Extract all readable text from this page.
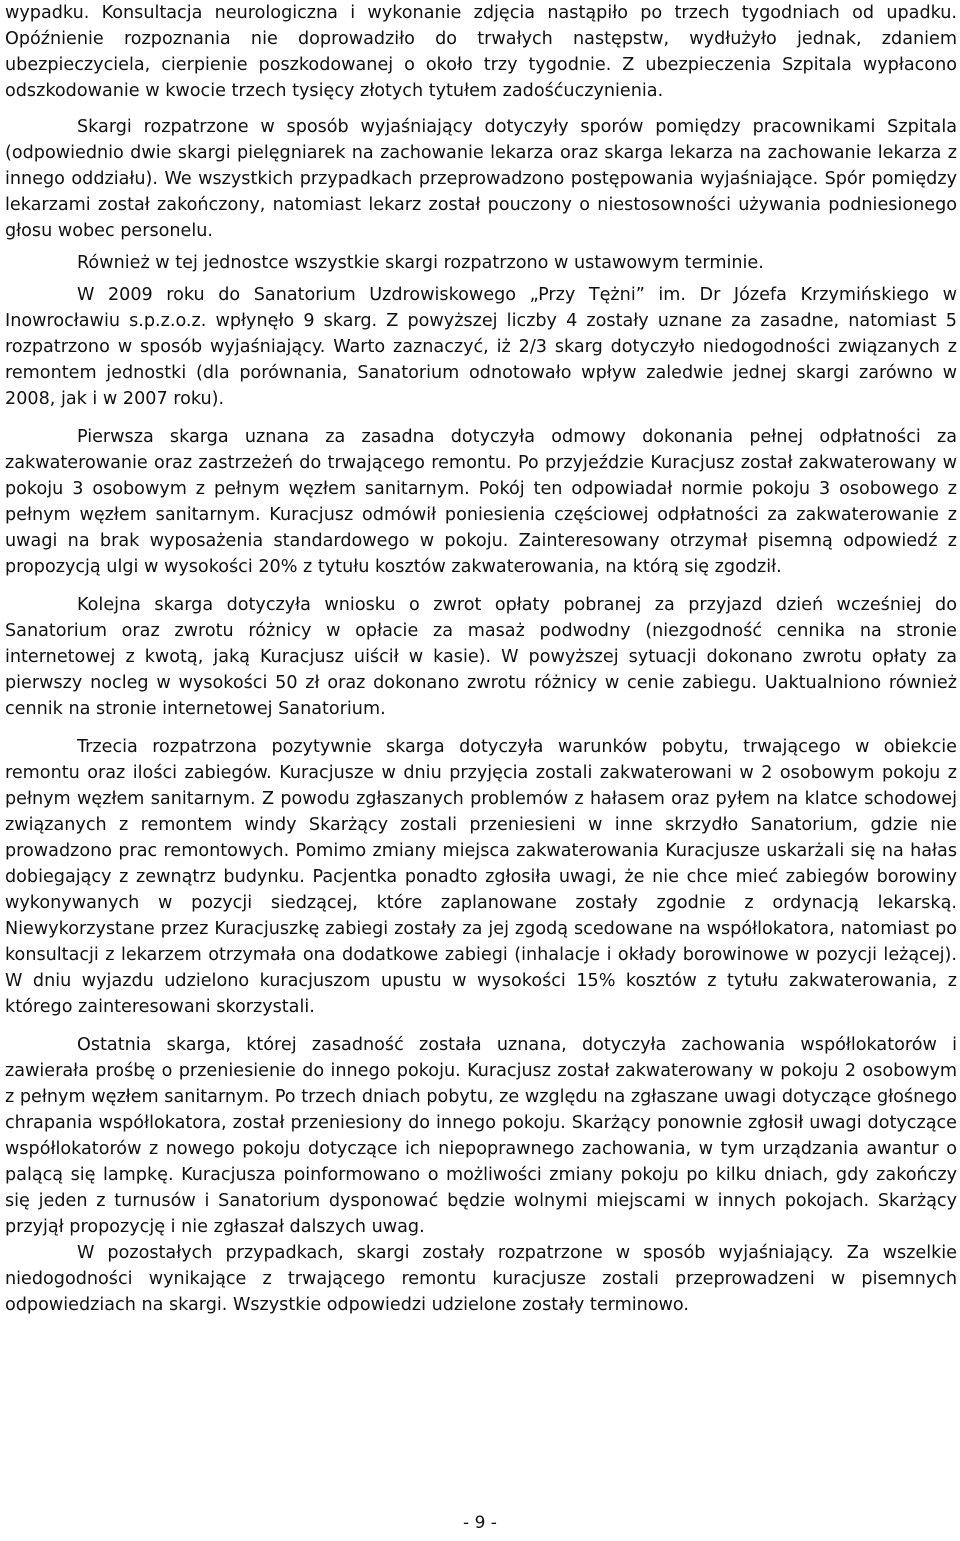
wypadku. Konsultacja neurologiczna i wykonanie zdjęcia nastąpiło po trzech tygodniach od upadku. Opóźnienie rozpoznania nie doprowadziło do trwałych następstw, wydłużyło jednak, zdaniem ubezpieczyciela, cierpienie poszkodowanej o około trzy tygodnie. Z ubezpieczenia Szpitala wypłacono odszkodowanie w kwocie trzech tysięcy złotych tytułem zadośćuczynienia.

Skargi rozpatrzone w sposób wyjaśniający dotyczyły sporów pomiędzy pracownikami Szpitala (odpowiednio dwie skargi pielęgniarek na zachowanie lekarza oraz skarga lekarza na zachowanie lekarza z innego oddziału). We wszystkich przypadkach przeprowadzono postępowania wyjaśniające. Spór pomiędzy lekarzami został zakończony, natomiast lekarz został pouczony o niestosowności używania podniesionego głosu wobec personelu.

Również w tej jednostce wszystkie skargi rozpatrzono w ustawowym terminie.

W 2009 roku do Sanatorium Uzdrowiskowego „Przy Tężni” im. Dr Józefa Krzymińskiego w Inowrocławiu s.p.z.o.z. wpłynęło 9 skarg. Z powyższej liczby 4 zostały uznane za zasadne, natomiast 5 rozpatrzono w sposób wyjaśniający. Warto zaznaczyć, iż 2/3 skarg dotyczyło niedogodności związanych z remontem jednostki (dla porównania, Sanatorium odnotowało wpływ zaledwie jednej skargi zarówno w 2008, jak i w 2007 roku).

Pierwsza skarga uznana za zasadna dotyczyła odmowy dokonania pełnej odpłatności za zakwaterowanie oraz zastrzeżeń do trwającego remontu. Po przyjeździe Kuracjusz został zakwaterowany w pokoju 3 osobowym z pełnym węzłem sanitarnym. Pokój ten odpowiadał normie pokoju 3 osobowego z pełnym węzłem sanitarnym. Kuracjusz odmówił poniesienia częściowej odpłatności za zakwaterowanie z uwagi na brak wyposażenia standardowego w pokoju. Zainteresowany otrzymał pisemną odpowiedź z propozycją ulgi w wysokości 20% z tytułu kosztów zakwaterowania, na którą się zgodził.

Kolejna skarga dotyczyła wniosku o zwrot opłaty pobranej za przyjazd dzień wcześniej do Sanatorium oraz zwrotu różnicy w opłacie za masaż podwodny (niezgodność cennika na stronie internetowej z kwotą, jaką Kuracjusz uiścił w kasie). W powyższej sytuacji dokonano zwrotu opłaty za pierwszy nocleg w wysokości 50 zł oraz dokonano zwrotu różnicy w cenie zabiegu. Uaktualniono również cennik na stronie internetowej Sanatorium.

Trzecia rozpatrzona pozytywnie skarga dotyczyła warunków pobytu, trwającego w obiekcie remontu oraz ilości zabiegów. Kuracjusze w dniu przyjęcia zostali zakwaterowani w 2 osobowym pokoju z pełnym węzłem sanitarnym. Z powodu zgłaszanych problemów z hałasem oraz pyłem na klatce schodowej związanych z remontem windy Skarżący zostali przeniesieni w inne skrzydło Sanatorium, gdzie nie prowadzono prac remontowych. Pomimo zmiany miejsca zakwaterowania Kuracjusze uskarżali się na hałas dobiegający z zewnątrz budynku. Pacjentka ponadto zgłosiła uwagi, że nie chce mieć zabiegów borowiny wykonywanych w pozycji siedzącej, które zaplanowane zostały zgodnie z ordynacją lekarską. Niewykorzystane przez Kuracjuszkę zabiegi zostały za jej zgodą scedowane na współlokatora, natomiast po konsultacji z lekarzem otrzymała ona dodatkowe zabiegi (inhalacje i okłady borowinowe w pozycji leżącej). W dniu wyjazdu udzielono kuracjuszom upustu w wysokości 15% kosztów z tytułu zakwaterowania, z którego zainteresowani skorzystali.

Ostatnia skarga, której zasadność została uznana, dotyczyła zachowania współlokatorów i zawierała prośbę o przeniesienie do innego pokoju. Kuracjusz został zakwaterowany w pokoju 2 osobowym z pełnym węzłem sanitarnym. Po trzech dniach pobytu, ze względu na zgłaszane uwagi dotyczące głośnego chrapania współlokatora, został przeniesiony do innego pokoju. Skarżący ponownie zgłosił uwagi dotyczące współlokatorów z nowego pokoju dotyczące ich niepoprawnego zachowania, w tym urządzania awantur o palącą się lampkę. Kuracjusza poinformowano o możliwości zmiany pokoju po kilku dniach, gdy zakończy się jeden z turnusów i Sanatorium dysponować będzie wolnymi miejscami w innych pokojach. Skarżący przyjął propozycję i nie zgłaszał dalszych uwag.

W pozostałych przypadkach, skargi zostały rozpatrzone w sposób wyjaśniający. Za wszelkie niedogodności wynikające z trwającego remontu kuracjusze zostali przeprowadzeni w pisemnych odpowiedziach na skargi. Wszystkie odpowiedzi udzielone zostały terminowo.

- 9 -
